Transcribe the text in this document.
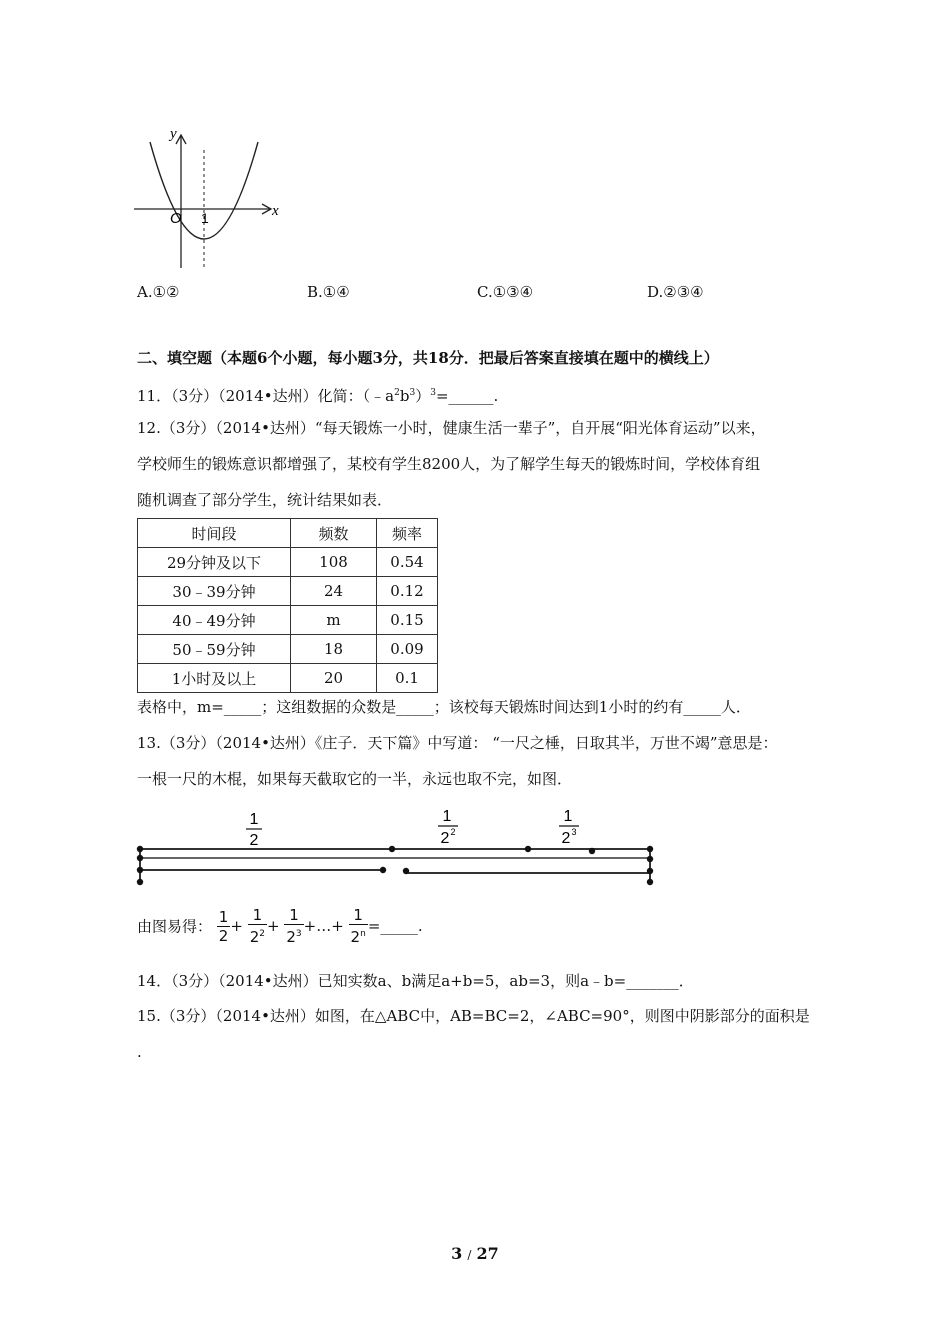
y
x
O 1
A.①②	B.①④	C.①③④	D.②③④
二、填空题（本题6个小题，每小题3分，共18分．把最后答案直接填在题中的横线上）
11．（3分）（2014•达州）化简：$(﹣a^2b^3)^3=\_\_\_\_\_\_$.
12.（3分）（2014•达州）“每天锻炼一小时，健康生活一辈子”，自开展“阳光体育运动”以来，
学校师生的锻炼意识都增强了，某校有学生8200人，为了解学生每天的锻炼时间，学校体育组
随机调查了部分学生，统计结果如表．
时间段	频数	频率
29分钟及以下	108	0.54
30﹣39分钟	24	0.12
40﹣49分钟	m	0.15
50﹣59分钟	18	0.09
1小时及以上	20	0.1
表格中，m=_____；这组数据的众数是_____；该校每天锻炼时间达到1小时的约有_____人．
13.（3分）（2014•达州）《庄子．天下篇》中写道： “一尺之棰，日取其半，万世不竭”意思是：
一根一尺的木棍，如果每天截取它的一半，永远也取不完，如图．
1
2
1
2 2
1
2 3
由图易得： $\frac{1}{2} + \frac{1}{2^2} + \frac{1}{2^3}$ +…+ $\frac{1}{2^n}$ =_____.
14．（3分）（2014•达州）已知实数a、b满足a+b=5，ab=3，则a﹣b=_______．
15.（3分）（2014•达州）如图，在△ABC中，AB=BC=2，∠ABC=90°，则图中阴影部分的面积是
.
3 / 27
